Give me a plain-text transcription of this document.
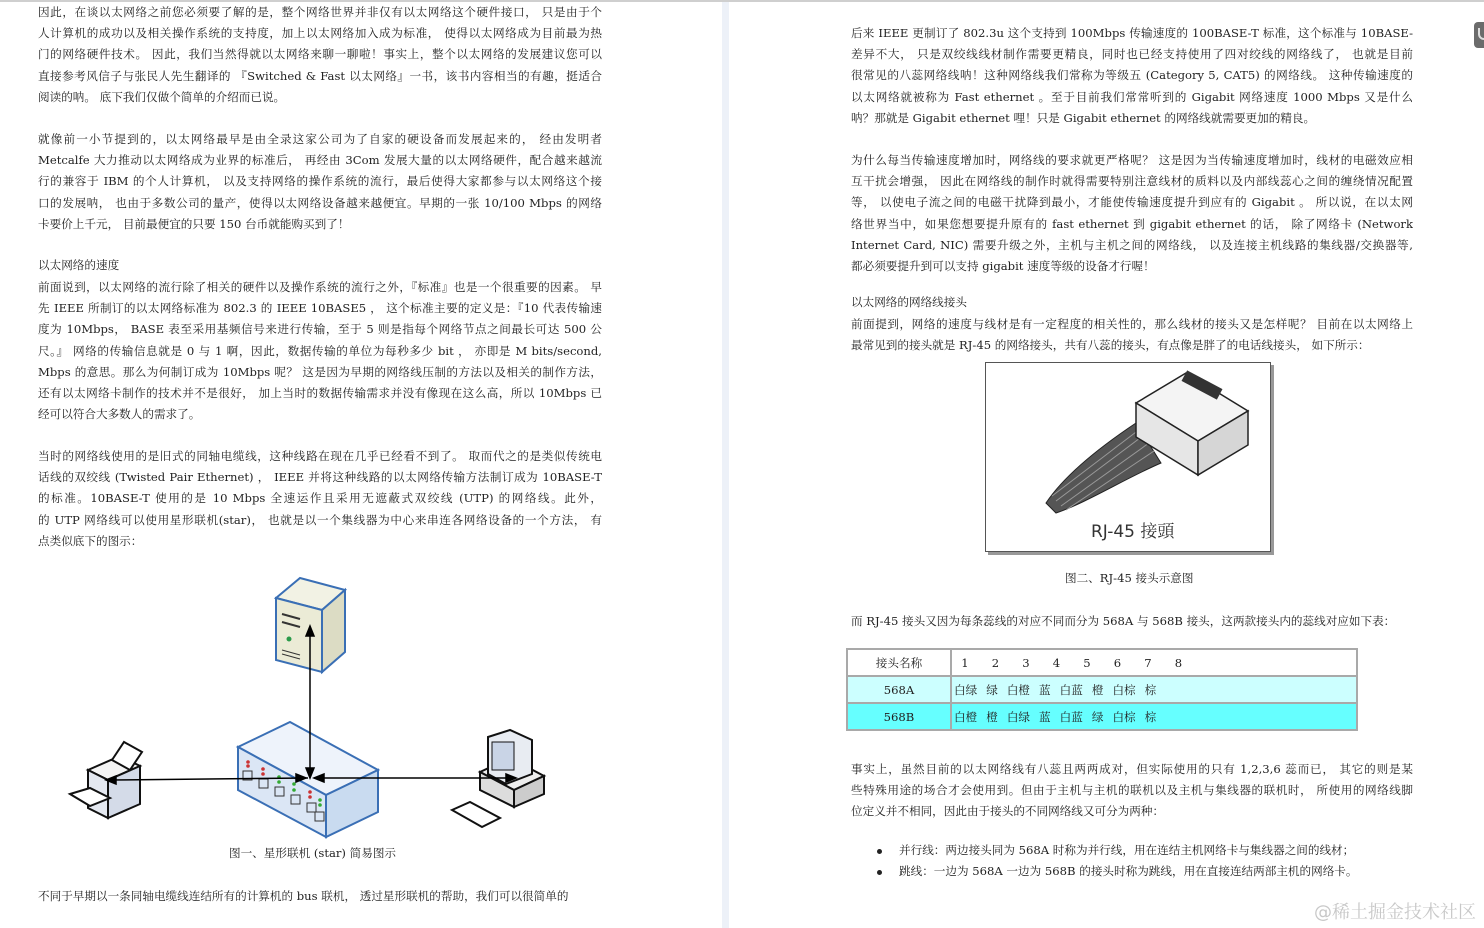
因此，在谈以太网络之前您必须要了解的是，整个网络世界并非仅有以太网络这个硬件接口， 只是由于个
人计算机的成功以及相关操作系统的支持度，加上以太网络加入成为标准， 使得以太网络成为目前最为热
门的网络硬件技术。 因此，我们当然得就以太网络来聊一聊啦！事实上，整个以太网络的发展建议您可以
直接参考风信子与张民人先生翻译的 『Switched & Fast 以太网络』一书，该书内容相当的有趣，挺适合
阅读的呐。 底下我们仅做个简单的介绍而已说。
就像前一小节提到的，以太网络最早是由全录这家公司为了自家的硬设备而发展起来的， 经由发明者
Metcalfe 大力推动以太网络成为业界的标准后， 再经由 3Com 发展大量的以太网络硬件，配合越来越流
行的兼容于 IBM 的个人计算机， 以及支持网络的操作系统的流行，最后使得大家都参与以太网络这个接
口的发展呐， 也由于多数公司的量产，使得以太网络设备越来越便宜。早期的一张 10/100 Mbps 的网络
卡要价上千元， 目前最便宜的只要 150 台币就能购买到了！
以太网络的速度
前面说到，以太网络的流行除了相关的硬件以及操作系统的流行之外，『标准』也是一个很重要的因素。 早
先 IEEE 所制订的以太网络标准为 802.3 的 IEEE 10BASE5 ， 这个标准主要的定义是：『10 代表传输速
度为 10Mbps， BASE 表至采用基频信号来进行传输，至于 5 则是指每个网络节点之间最长可达 500 公
尺。』 网络的传输信息就是 0 与 1 啊，因此，数据传输的单位为每秒多少 bit ， 亦即是 M bits/second,
Mbps 的意思。那么为何制订成为 10Mbps 呢？ 这是因为早期的网络线压制的方法以及相关的制作方法，
还有以太网络卡制作的技术并不是很好， 加上当时的数据传输需求并没有像现在这么高，所以 10Mbps 已
经可以符合大多数人的需求了。
当时的网络线使用的是旧式的同轴电缆线，这种线路在现在几乎已经看不到了。 取而代之的是类似传统电
话线的双绞线 (Twisted Pair Ethernet) ， IEEE 并将这种线路的以太网络传输方法制订成为 10BASE-T
的标准。10BASE-T 使用的是 10 Mbps 全速运作且采用无遮蔽式双绞线 (UTP) 的网络线。此外，
的 UTP 网络线可以使用星形联机(star)， 也就是以一个集线器为中心来串连各网络设备的一个方法， 有
点类似底下的图示：
不同于早期以一条同轴电缆线连结所有的计算机的 bus 联机， 透过星形联机的帮助，我们可以很简单的
图一、星形联机 (star) 简易图示
后来 IEEE 更制订了 802.3u 这个支持到 100Mbps 传输速度的 100BASE-T 标准，这个标准与 10BASE-
差异不大， 只是双绞线线材制作需要更精良，同时也已经支持使用了四对绞线的网络线了， 也就是目前
很常见的八蕊网络线呐！这种网络线我们常称为等级五 (Category 5, CAT5) 的网络线。 这种传输速度的
以太网络就被称为 Fast ethernet 。至于目前我们常常听到的 Gigabit 网络速度 1000 Mbps 又是什么
呐？那就是 Gigabit ethernet 哩！只是 Gigabit ethernet 的网络线就需要更加的精良。
为什么每当传输速度增加时，网络线的要求就更严格呢？ 这是因为当传输速度增加时，线材的电磁效应相
互干扰会增强， 因此在网络线的制作时就得需要特别注意线材的质料以及内部线蕊心之间的缠绕情况配置
等， 以使电子流之间的电磁干扰降到最小，才能使传输速度提升到应有的 Gigabit 。 所以说，在以太网
络世界当中，如果您想要提升原有的 fast ethernet 到 gigabit ethernet 的话， 除了网络卡 (Network
Internet Card, NIC) 需要升级之外，主机与主机之间的网络线， 以及连接主机线路的集线器/交换器等,
都必须要提升到可以支持 gigabit 速度等级的设备才行喔！
以太网络的网络线接头
前面提到，网络的速度与线材是有一定程度的相关性的，那么线材的接头又是怎样呢？ 目前在以太网络上
最常见到的接头就是 RJ-45 的网络接头，共有八蕊的接头，有点像是胖了的电话线接头， 如下所示：
而 RJ-45 接头又因为每条蕊线的对应不同而分为 568A 与 568B 接头，这两款接头内的蕊线对应如下表：
事实上，虽然目前的以太网络线有八蕊且两两成对，但实际使用的只有 1,2,3,6 蕊而已， 其它的则是某
些特殊用途的场合才会使用到。但由于主机与主机的联机以及主机与集线器的联机时， 所使用的网络线脚
位定义并不相同，因此由于接头的不同网络线又可分为两种：
RJ-45 接頭
图二、RJ-45 接头示意图
接头名称	1 2 3 4 5 6 7 8
568A	白绿 绿 白橙 蓝 白蓝 橙 白棕 棕
568B	白橙 橙 白绿 蓝 白蓝 绿 白棕 棕
并行线：两边接头同为 568A 时称为并行线，用在连结主机网络卡与集线器之间的线材；
跳线：一边为 568A 一边为 568B 的接头时称为跳线，用在直接连结两部主机的网络卡。
@稀土掘金技术社区
